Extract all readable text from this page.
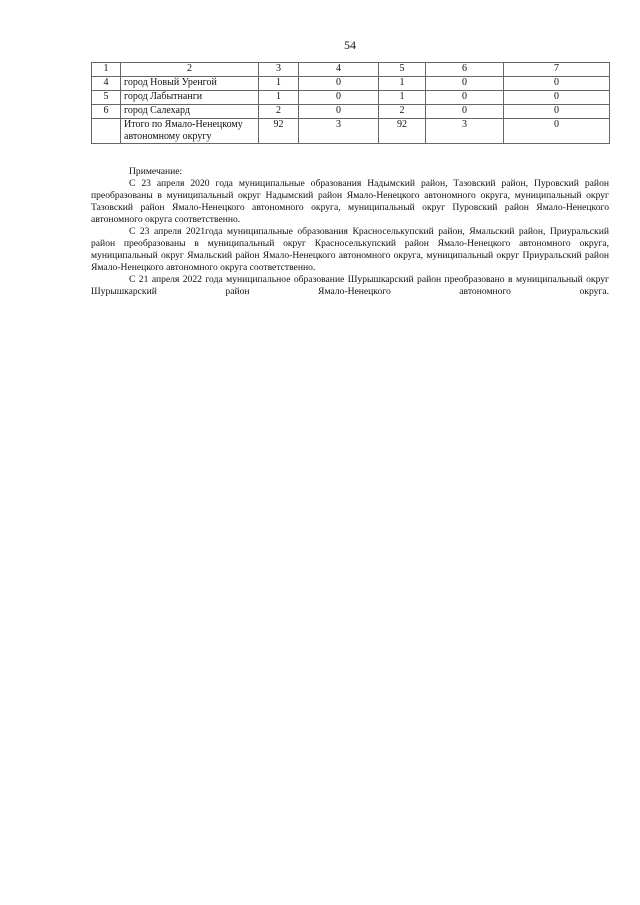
54
1	2	3	4	5	6	7
4	город Новый Уренгой	1	0	1	0	0
5	город Лабытнанги	1	0	1	0	0
6	город Салехард	2	0	2	0	0
	Итого по Ямало-Ненецкому автономному округу	92	3	92	3	0

Примечание:

С 23 апреля 2020 года муниципальные образования Надымский район, Тазовский район, Пуровский район преобразованы в муниципальный округ Надымский район Ямало-Ненецкого автономного округа, муниципальный округ Тазовский район Ямало-Ненецкого автономного округа, муниципальный округ Пуровский район Ямало-Ненецкого автономного округа соответственно.

С 23 апреля 2021года муниципальные образования Красноселькупский район, Ямальский район, Приуральский район преобразованы в муниципальный округ Красноселькупский район Ямало-Ненецкого автономного округа, муниципальный округ Ямальский район Ямало-Ненецкого автономного округа, муниципальный округ Приуральский район Ямало-Ненецкого автономного округа соответственно.

С 21 апреля 2022 года муниципальное образование Шурышкарский район преобразовано в муниципальный округ Шурышкарский район Ямало-Ненецкого автономного округа.
